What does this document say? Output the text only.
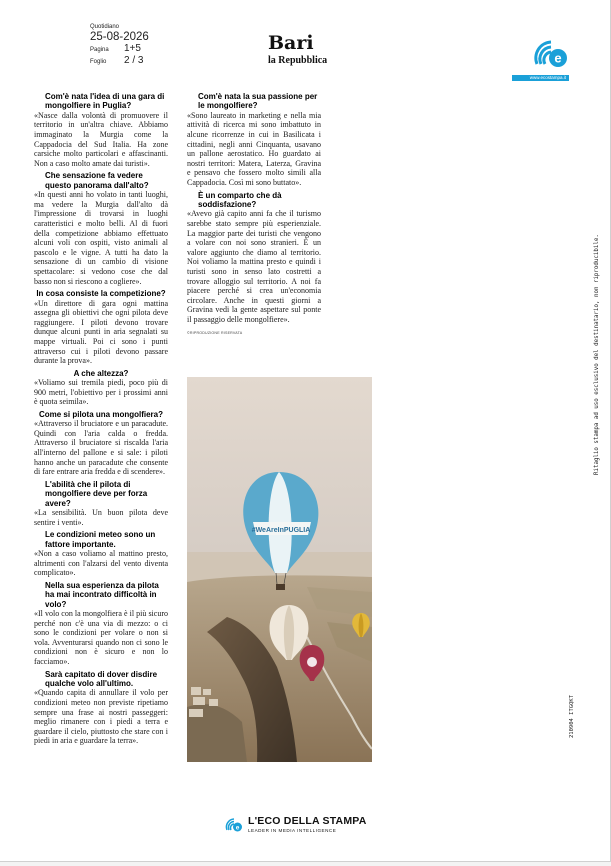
Quotidiano
25-08-2026
Pagina	1+5
Foglio	2 / 3
Bari
la Repubblica	e
www.ecostampa.it

Com'è nata l'idea di una gara di mongolfiere in Puglia?

«Nasce dalla volontà di promuovere il territorio in un'altra chiave. Abbiamo immaginato la Murgia come la Cappadocia del Sud Italia. Ha zone carsiche molto particolari e affascinanti. Non a caso molto amate dai turisti».

Che sensazione fa vedere questo panorama dall'alto?

«In questi anni ho volato in tanti luoghi, ma vedere la Murgia dall'alto dà l'impressione di trovarsi in luoghi caratteristici e molto belli. Al di fuori della competizione abbiamo effettuato alcuni voli con ospiti, visto animali al pascolo e le vigne. A tutti ha dato la sensazione di un cambio di visione spettacolare: si vedono cose che dal basso non si riescono a cogliere».

In cosa consiste la competizione?

«Un direttore di gara ogni mattina assegna gli obiettivi che ogni pilota deve raggiungere. I piloti devono trovare dunque alcuni punti in aria segnalati su mappe virtuali. Poi ci sono i punti attraverso cui i piloti devono passare durante la prova».

A che altezza?

«Voliamo sui tremila piedi, poco più di 900 metri, l'obiettivo per i prossimi anni è quota seimila».

Come si pilota una mongolfiera?

«Attraverso il bruciatore e un paracadute. Quindi con l'aria calda o fredda. Attraverso il bruciatore si riscalda l'aria all'interno del pallone e si sale: i piloti hanno anche un paracadute che consente di fare entrare aria fredda e di scendere».

L'abilità che il pilota di mongolfiere deve per forza avere?

«La sensibilità. Un buon pilota deve sentire i venti».

Le condizioni meteo sono un fattore importante.

«Non a caso voliamo al mattino presto, altrimenti con l'alzarsi del vento diventa complicato».

Nella sua esperienza da pilota ha mai incontrato difficoltà in volo?

«Il volo con la mongolfiera è il più sicuro perché non c'è una via di mezzo: o ci sono le condizioni per volare o non si vola. Avventurarsi quando non ci sono le condizioni non è sicuro e non lo facciamo».

Sarà capitato di dover disdire qualche volo all'ultimo.

«Quando capita di annullare il volo per condizioni meteo non previste ripetiamo sempre una frase ai nostri passeggeri: meglio rimanere con i piedi a terra e guardare il cielo, piuttosto che stare con i piedi in aria e guardare la terra».

Com'è nata la sua passione per le mongolfiere?

«Sono laureato in marketing e nella mia attività di ricerca mi sono imbattuto in alcune ricorrenze in cui in Basilicata i cittadini, negli anni Cinquanta, usavano un pallone aerostatico. Ho guardato ai nostri territori: Matera, Laterza, Gravina e pensavo che fossero molto simili alla Cappadocia. Così mi sono buttato».

È un comparto che dà soddisfazione?

«Avevo già capito anni fa che il turismo sarebbe stato sempre più esperienziale. La maggior parte dei turisti che vengono a volare con noi sono stranieri. È un valore aggiunto che diamo al territorio. Noi voliamo la mattina presto e quindi i turisti sono in senso lato costretti a trovare alloggio sul territorio. A noi fa piacere perché si crea un'economia circolare. Anche in questi giorni a Gravina vedi la gente aspettare sul ponte il passaggio delle mongolfiere».

©RIPRODUZIONE RISERVATA
#WeAreInPUGLIA
Ritaglio stampa ad uso esclusivo del destinatario, non riproducibile.
210904 ITGQKT
e
L'ECO DELLA STAMPA
LEADER IN MEDIA INTELLIGENCE
